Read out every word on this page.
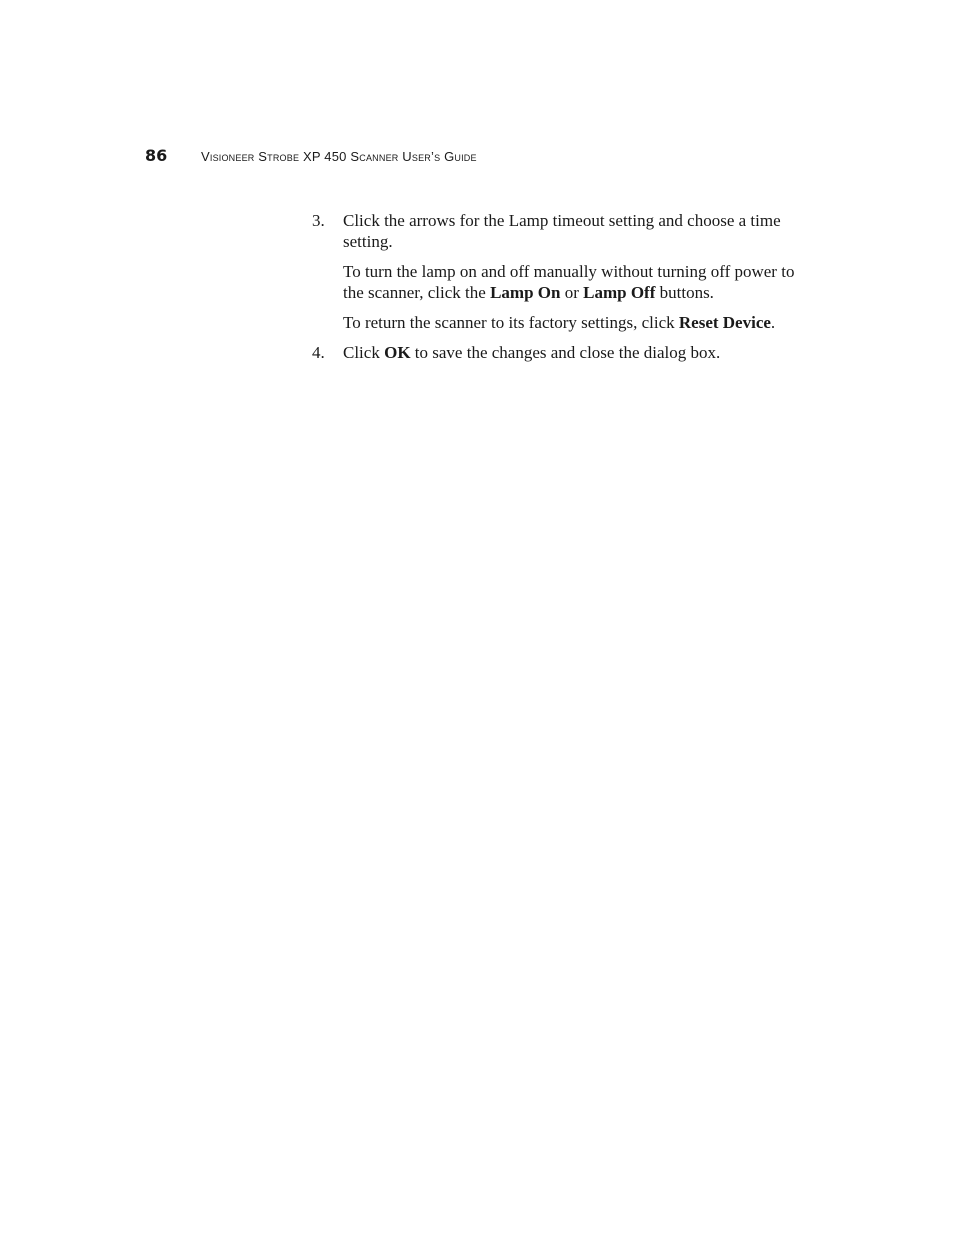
86	Visioneer Strobe XP 450 Scanner User’s Guide
3.	Click the arrows for the Lamp timeout setting and choose a time setting.

To turn the lamp on and off manually without turning off power to the scanner, click the Lamp On or Lamp Off buttons.

To return the scanner to its factory settings, click Reset Device.

4.	Click OK to save the changes and close the dialog box.
